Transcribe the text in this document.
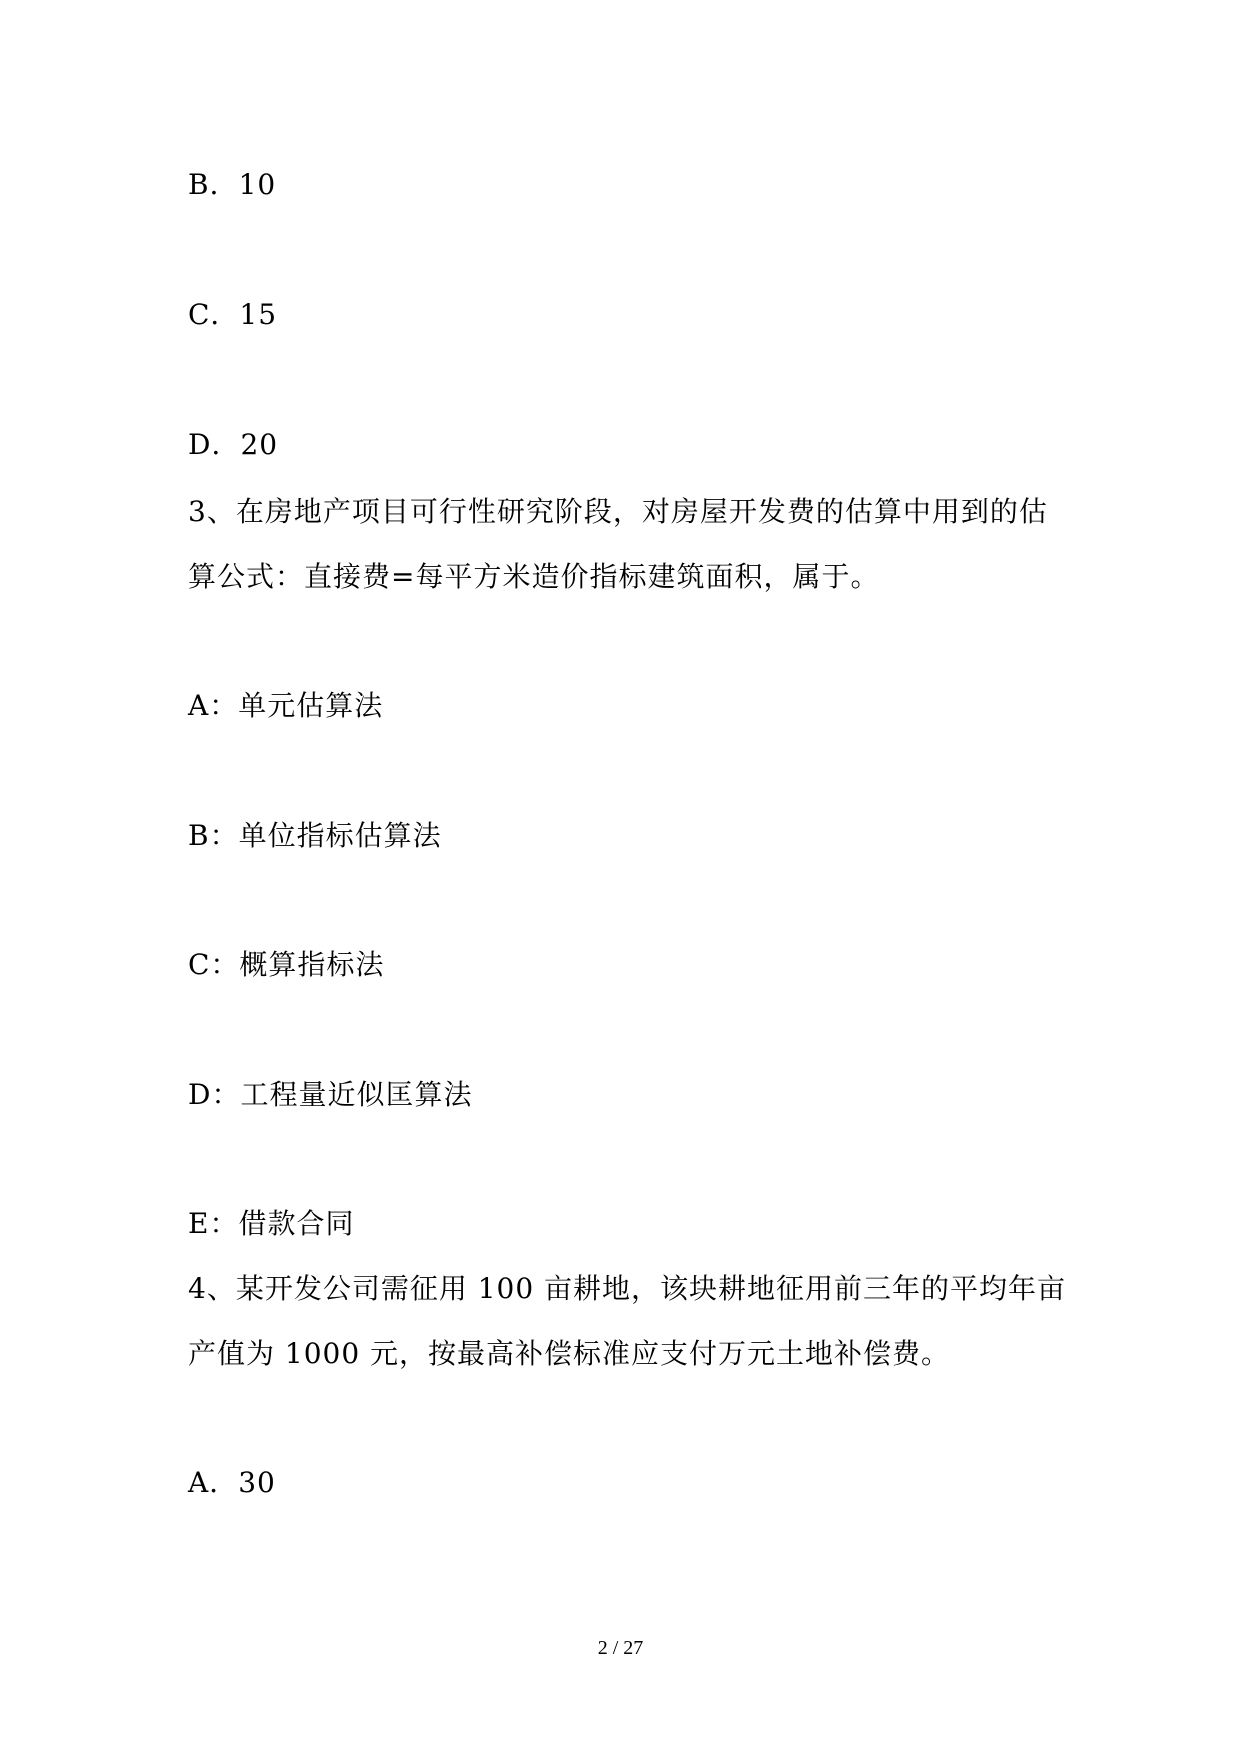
B．10
C．15
D．20
3、在房地产项目可行性研究阶段，对房屋开发费的估算中用到的估
算公式：直接费=每平方米造价指标建筑面积，属于。
A：单元估算法
B：单位指标估算法
C：概算指标法
D：工程量近似匡算法
E：借款合同
4、某开发公司需征用 100 亩耕地，该块耕地征用前三年的平均年亩
产值为 1000 元，按最高补偿标准应支付万元土地补偿费。
A．30
2 / 27
